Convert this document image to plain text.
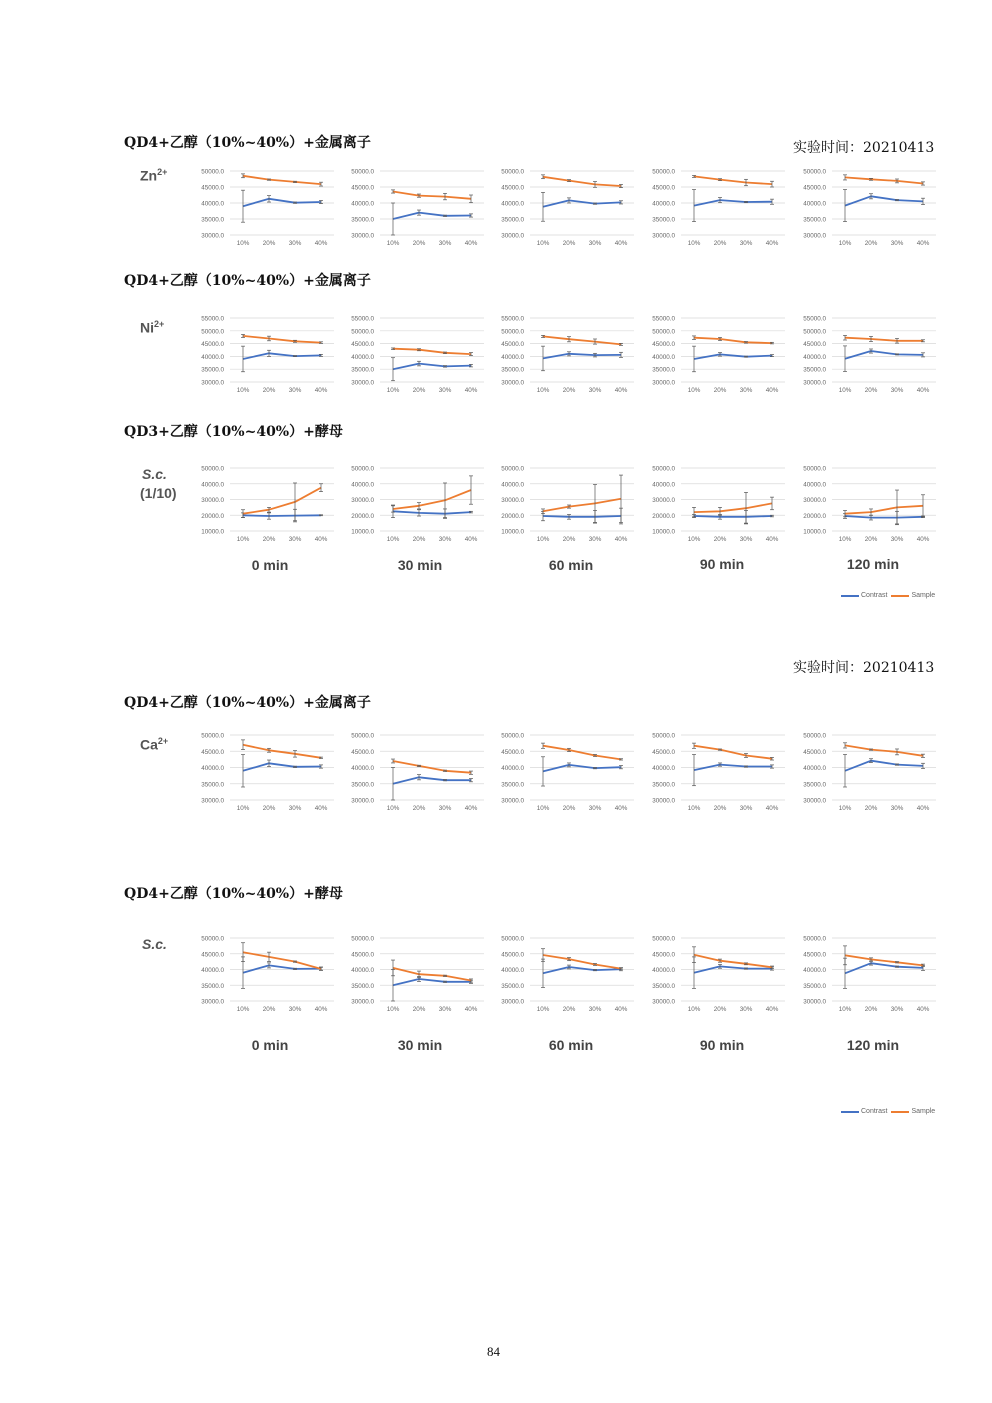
QD4+乙醇（10%~40%）+金属离子	实验时间：20210413
QD4+乙醇（10%~40%）+金属离子
QD3+乙醇（10%~40%）+酵母
实验时间：20210413
QD4+乙醇（10%~40%）+金属离子
QD4+乙醇（10%~40%）+酵母
$Zn^{2+}$
$Ni^{2+}$
S.c.
(1/10)
$Ca^{2+}$
S.c.
0 min	30 min	60 min	90 min	120 min
0 min	30 min	60 min	90 min	120 min
Contrast	Sample
Contrast	Sample
50000.0
45000.0
40000.0
35000.0
30000.0
10% 20% 30% 40%
50000.0
45000.0
40000.0
35000.0
30000.0
10% 20% 30% 40%
50000.0
45000.0
40000.0
35000.0
30000.0
10% 20% 30% 40%
50000.0
45000.0
40000.0
35000.0
30000.0
10% 20% 30% 40%
50000.0
45000.0
40000.0
35000.0
30000.0
10% 20% 30% 40%
55000.0
50000.0
45000.0
40000.0
35000.0
30000.0
10% 20% 30% 40%
55000.0
50000.0
45000.0
40000.0
35000.0
30000.0
10% 20% 30% 40%
55000.0
50000.0
45000.0
40000.0
35000.0
30000.0
10% 20% 30% 40%
55000.0
50000.0
45000.0
40000.0
35000.0
30000.0
10% 20% 30% 40%
55000.0
50000.0
45000.0
40000.0
35000.0
30000.0
10% 20% 30% 40%
50000.0
40000.0
30000.0
20000.0
10000.0
10% 20% 30% 40%
50000.0
40000.0
30000.0
20000.0
10000.0
10% 20% 30% 40%
50000.0
40000.0
30000.0
20000.0
10000.0
10% 20% 30% 40%
50000.0
40000.0
30000.0
20000.0
10000.0
10% 20% 30% 40%
50000.0
40000.0
30000.0
20000.0
10000.0
10% 20% 30% 40%
50000.0
45000.0
40000.0
35000.0
30000.0
10% 20% 30% 40%
50000.0
45000.0
40000.0
35000.0
30000.0
10% 20% 30% 40%
50000.0
45000.0
40000.0
35000.0
30000.0
10% 20% 30% 40%
50000.0
45000.0
40000.0
35000.0
30000.0
10% 20% 30% 40%
50000.0
45000.0
40000.0
35000.0
30000.0
10% 20% 30% 40%
50000.0
45000.0
40000.0
35000.0
30000.0
10% 20% 30% 40%
50000.0
45000.0
40000.0
35000.0
30000.0
10% 20% 30% 40%
50000.0
45000.0
40000.0
35000.0
30000.0
10% 20% 30% 40%
50000.0
45000.0
40000.0
35000.0
30000.0
10% 20% 30% 40%
50000.0
45000.0
40000.0
35000.0
30000.0
10% 20% 30% 40%
84
